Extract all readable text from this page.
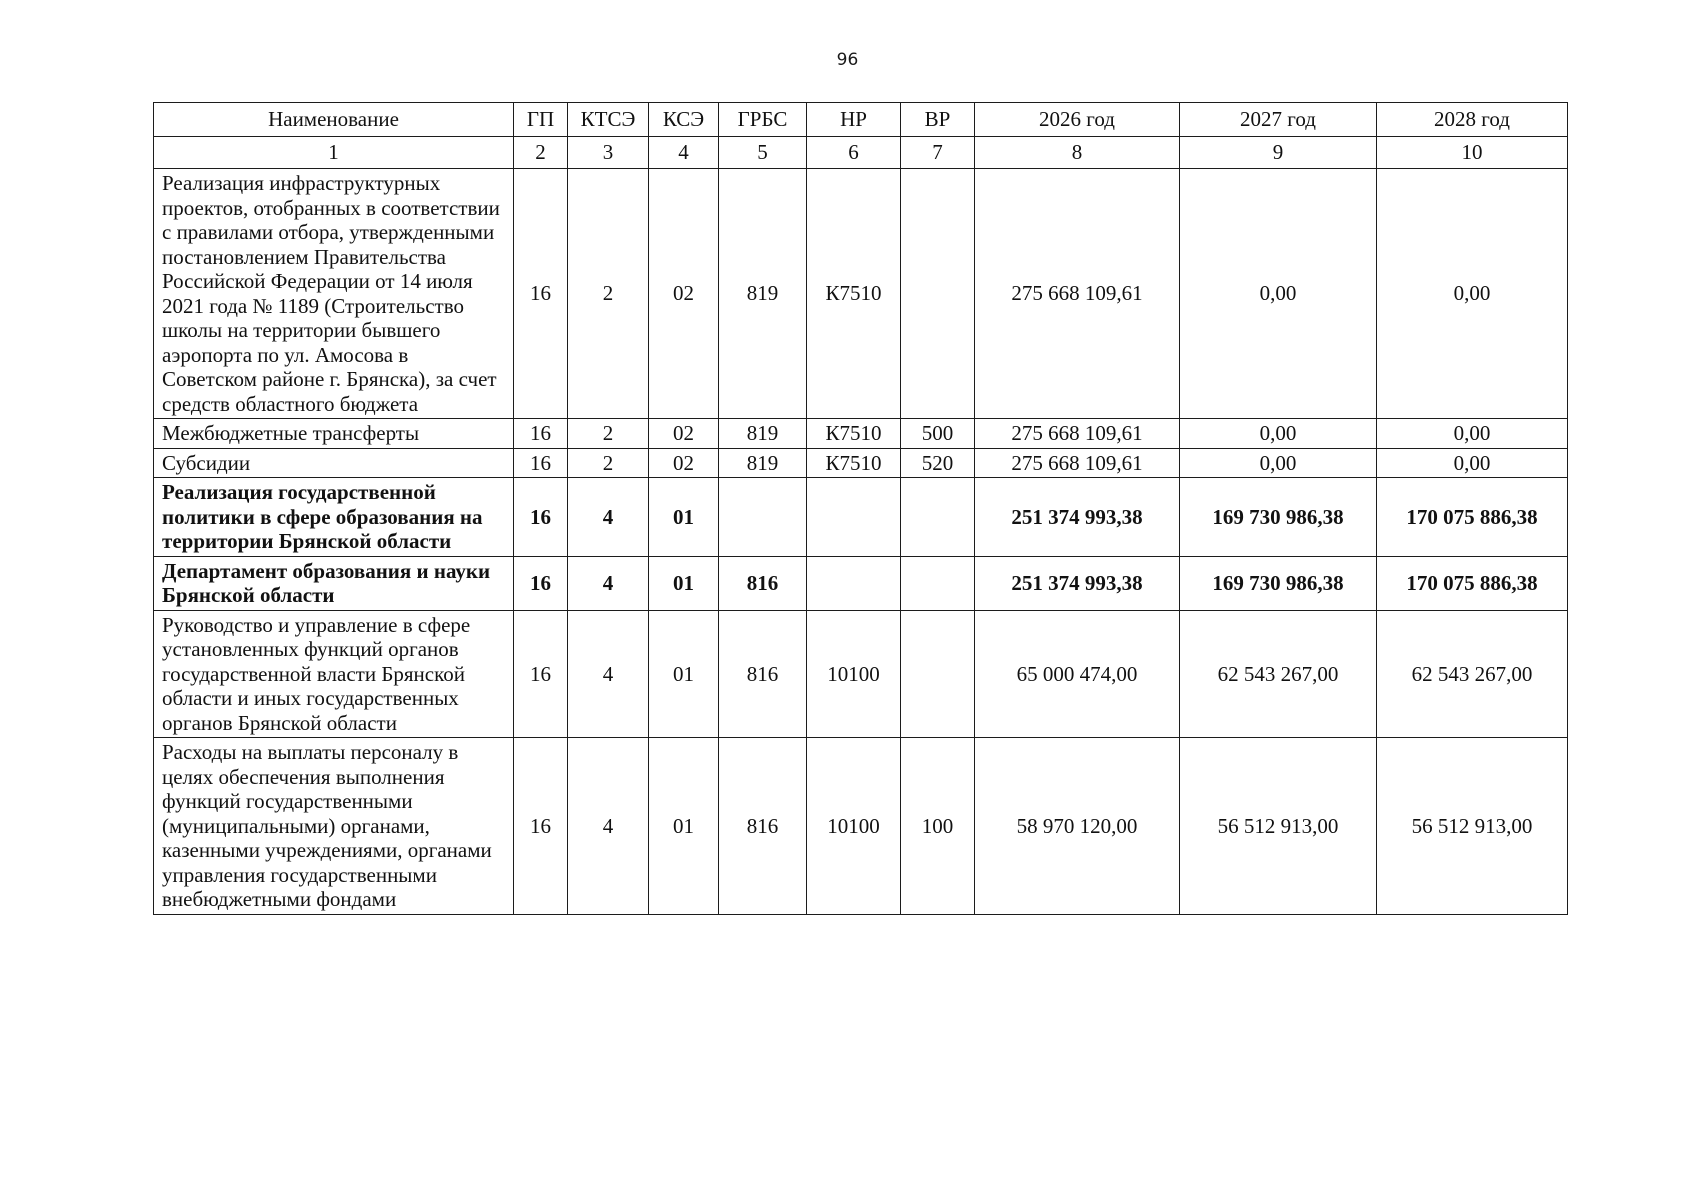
96
Наименование	ГП	КТСЭ	КСЭ	ГРБС	НР	ВР	2026 год	2027 год	2028 год
1	2	3	4	5	6	7	8	9	10
Реализация инфраструктурных проектов, отобранных в соответствии с правилами отбора, утвержденными постановлением Правительства Российской Федерации от 14 июля 2021 года № 1189 (Строительство школы на территории бывшего аэропорта по ул. Амосова в Советском районе г. Брянска), за счет средств областного бюджета	16	2	02	819	К7510		275 668 109,61	0,00	0,00
Межбюджетные трансферты	16	2	02	819	К7510	500	275 668 109,61	0,00	0,00
Субсидии	16	2	02	819	К7510	520	275 668 109,61	0,00	0,00
Реализация государственной политики в сфере образования на территории Брянской области	16	4	01				251 374 993,38	169 730 986,38	170 075 886,38
Департамент образования и науки Брянской области	16	4	01	816			251 374 993,38	169 730 986,38	170 075 886,38
Руководство и управление в сфере установленных функций органов государственной власти Брянской области и иных государственных органов Брянской области	16	4	01	816	10100		65 000 474,00	62 543 267,00	62 543 267,00
Расходы на выплаты персоналу в целях обеспечения выполнения функций государственными (муниципальными) органами, казенными учреждениями, органами управления государственными внебюджетными фондами	16	4	01	816	10100	100	58 970 120,00	56 512 913,00	56 512 913,00
